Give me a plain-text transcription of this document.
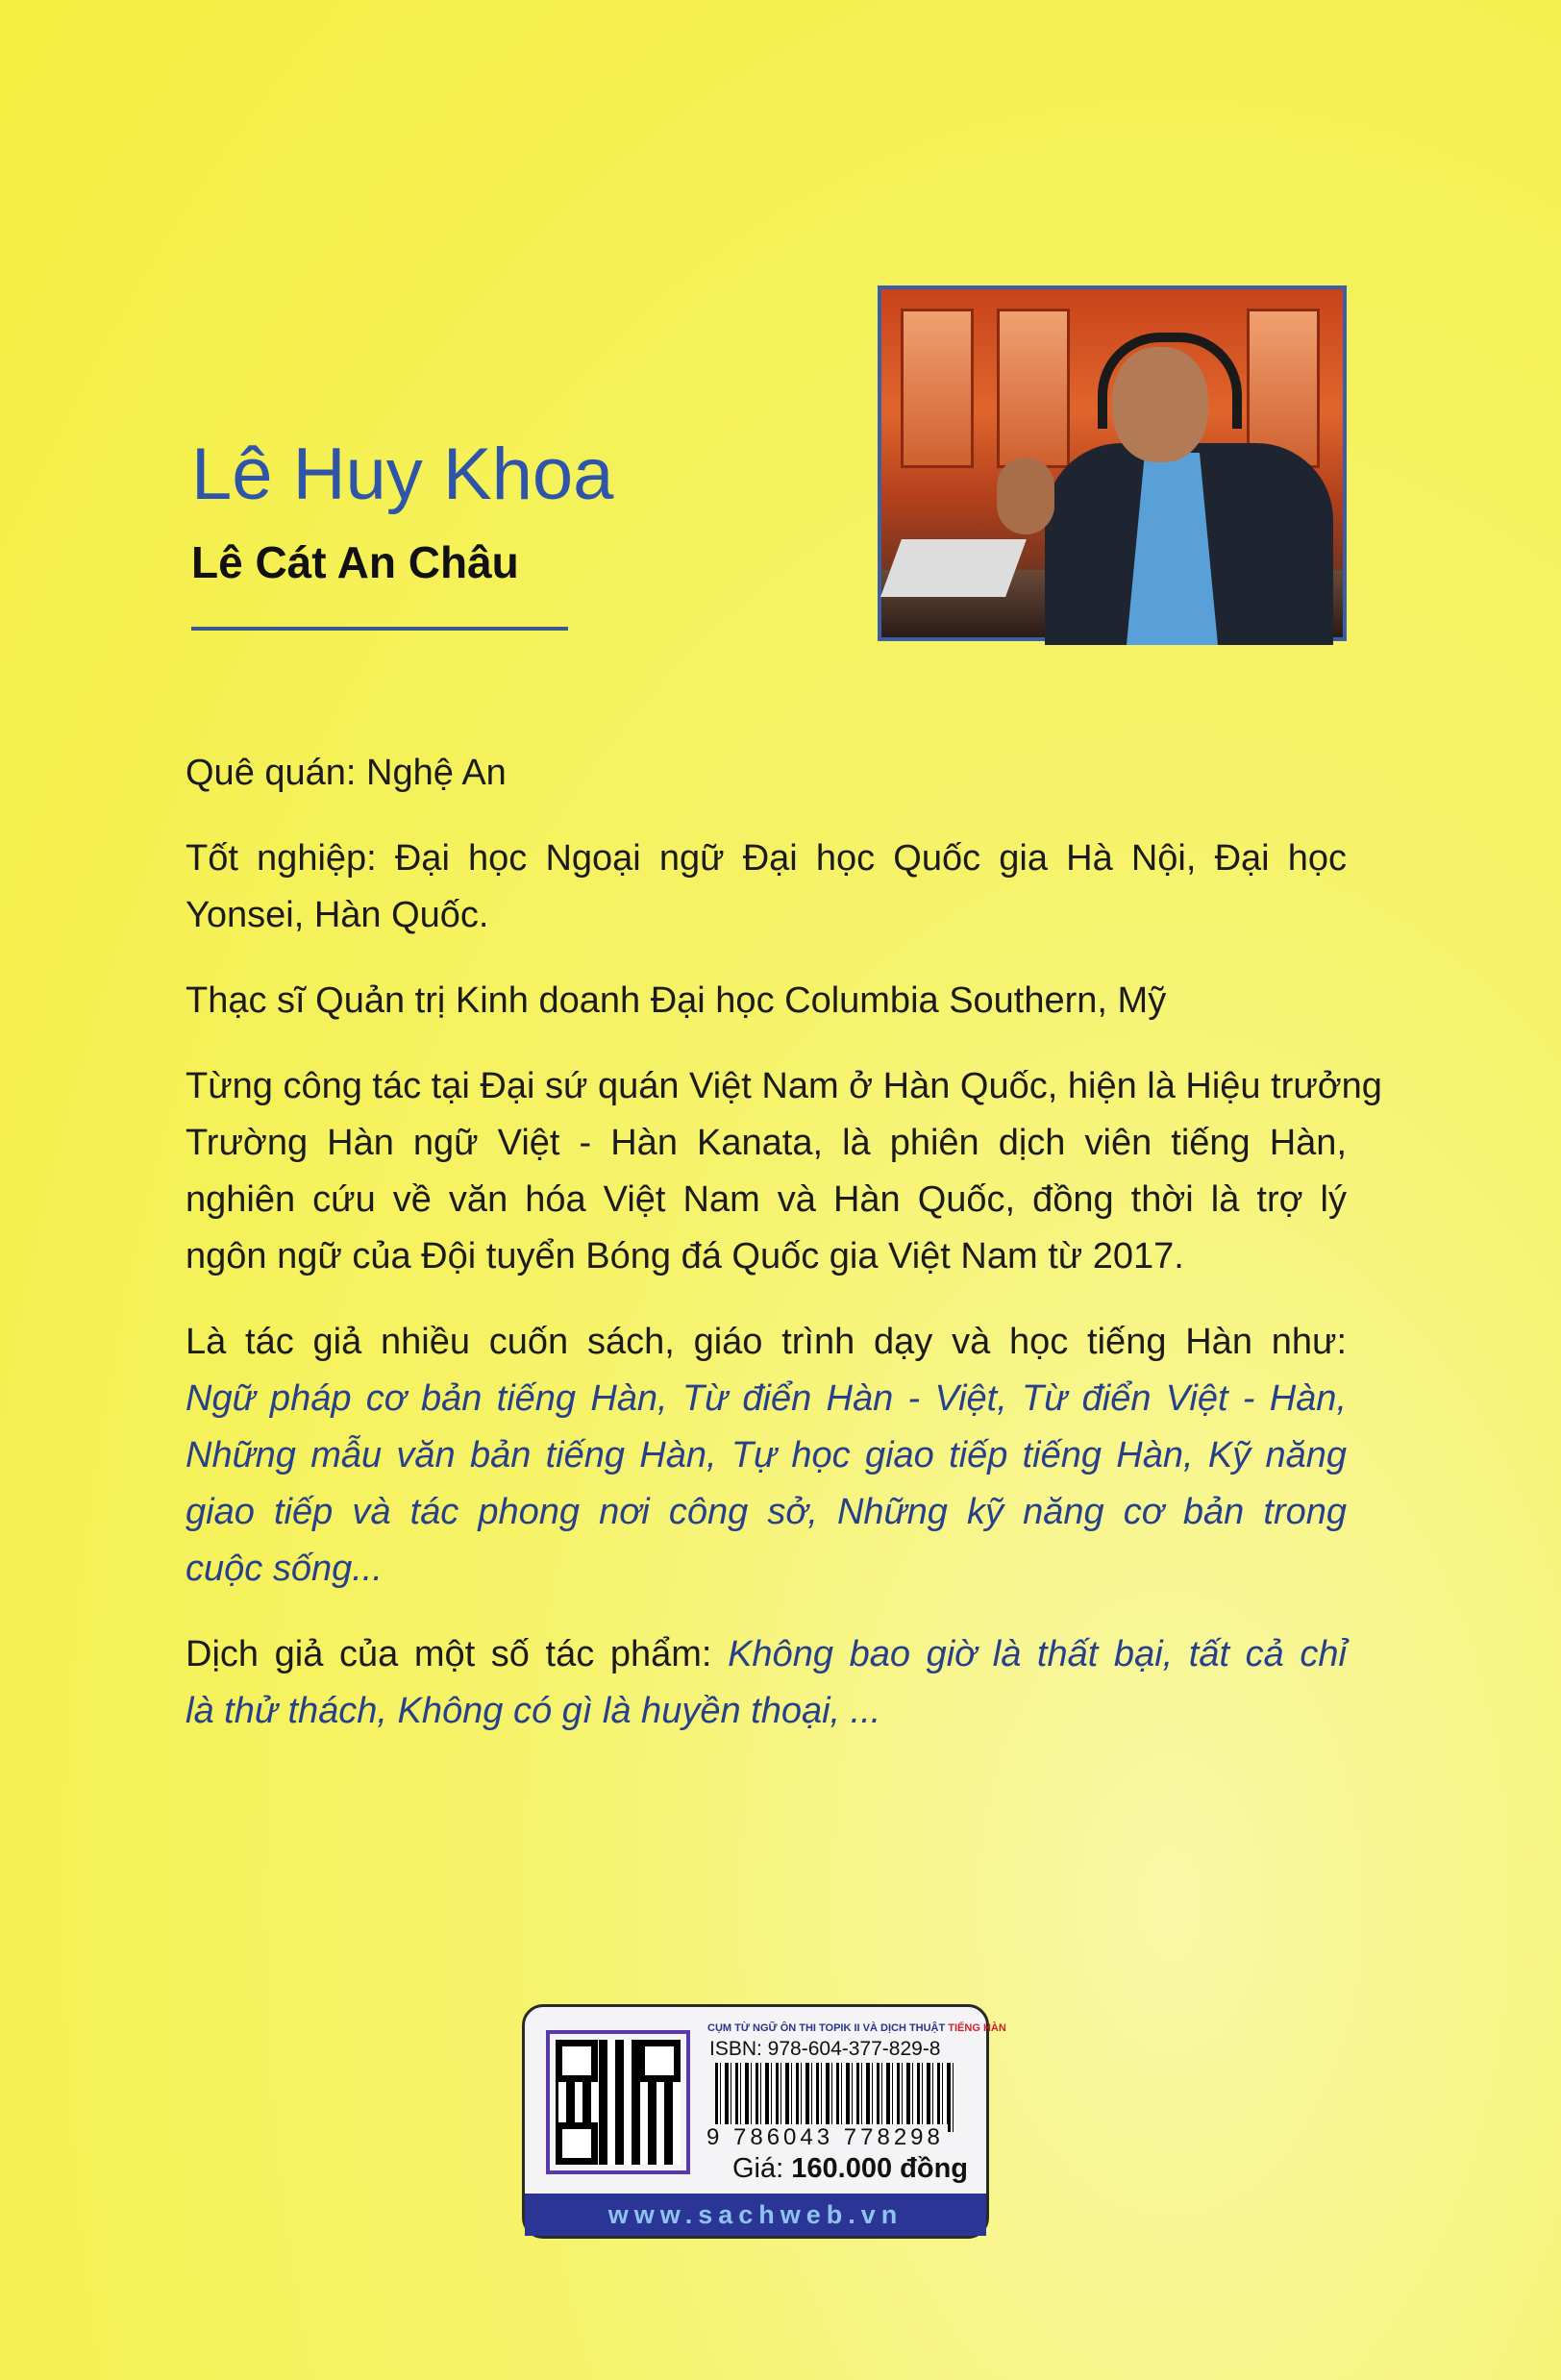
Lê Huy Khoa
Lê Cát An Châu
Quê quán: Nghệ An
Tốt nghiệp: Đại học Ngoại ngữ Đại học Quốc gia Hà Nội, Đại học
Yonsei, Hàn Quốc.
Thạc sĩ Quản trị Kinh doanh Đại học Columbia Southern, Mỹ
Từng công tác tại Đại sứ quán Việt Nam ở Hàn Quốc, hiện là Hiệu trưởng
Trường Hàn ngữ Việt - Hàn Kanata, là phiên dịch viên tiếng Hàn,
nghiên cứu về văn hóa Việt Nam và Hàn Quốc, đồng thời là trợ lý
ngôn ngữ của Đội tuyển Bóng đá Quốc gia Việt Nam từ 2017.
Là tác giả nhiều cuốn sách, giáo trình dạy và học tiếng Hàn như:
Ngữ pháp cơ bản tiếng Hàn, Từ điển Hàn - Việt, Từ điển Việt - Hàn,
Những mẫu văn bản tiếng Hàn, Tự học giao tiếp tiếng Hàn, Kỹ năng
giao tiếp và tác phong nơi công sở, Những kỹ năng cơ bản trong
cuộc sống...
Dịch giả của một số tác phẩm: Không bao giờ là thất bại, tất cả chỉ
là thử thách, Không có gì là huyền thoại, ...
CỤM TỪ NGỮ ÔN THI TOPIK II VÀ DỊCH THUẬT TIẾNG HÀN
ISBN: 978-604-377-829-8
9 786043 778298
Giá: 160.000 đồng
www.sachweb.vn
